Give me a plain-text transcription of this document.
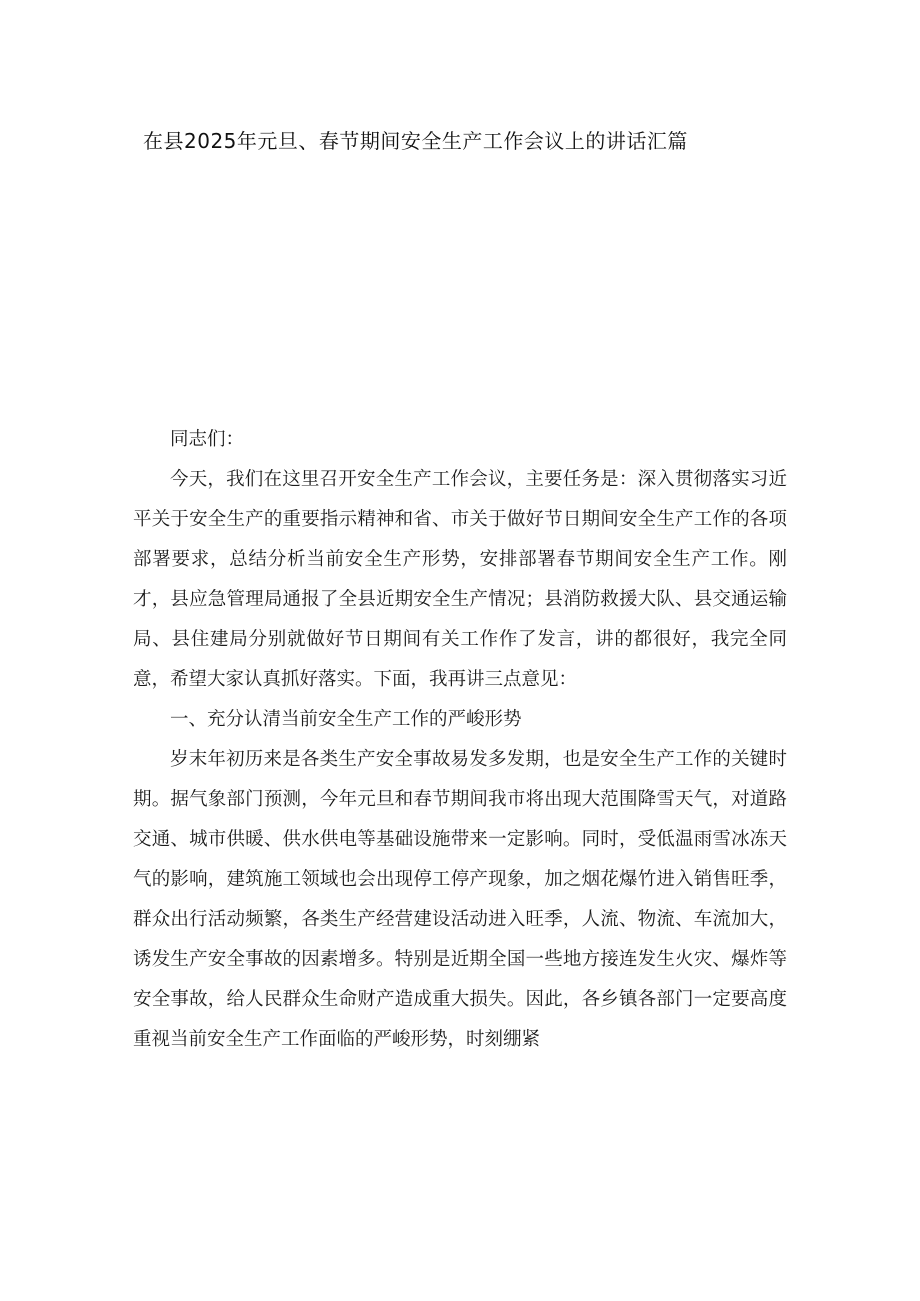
在县2025年元旦、春节期间安全生产工作会议上的讲话汇篇

同志们：

今天，我们在这里召开安全生产工作会议，主要任务是：深入贯彻落实习近平关于安全生产的重要指示精神和省、市关于做好节日期间安全生产工作的各项部署要求，总结分析当前安全生产形势，安排部署春节期间安全生产工作。刚才，县应急管理局通报了全县近期安全生产情况；县消防救援大队、县交通运输局、县住建局分别就做好节日期间有关工作作了发言，讲的都很好，我完全同意，希望大家认真抓好落实。下面，我再讲三点意见：

一、充分认清当前安全生产工作的严峻形势

岁末年初历来是各类生产安全事故易发多发期，也是安全生产工作的关键时期。据气象部门预测，今年元旦和春节期间我市将出现大范围降雪天气，对道路交通、城市供暖、供水供电等基础设施带来一定影响。同时，受低温雨雪冰冻天气的影响，建筑施工领域也会出现停工停产现象，加之烟花爆竹进入销售旺季，群众出行活动频繁，各类生产经营建设活动进入旺季，人流、物流、车流加大，诱发生产安全事故的因素增多。特别是近期全国一些地方接连发生火灾、爆炸等安全事故，给人民群众生命财产造成重大损失。因此，各乡镇各部门一定要高度重视当前安全生产工作面临的严峻形势，时刻绷紧
